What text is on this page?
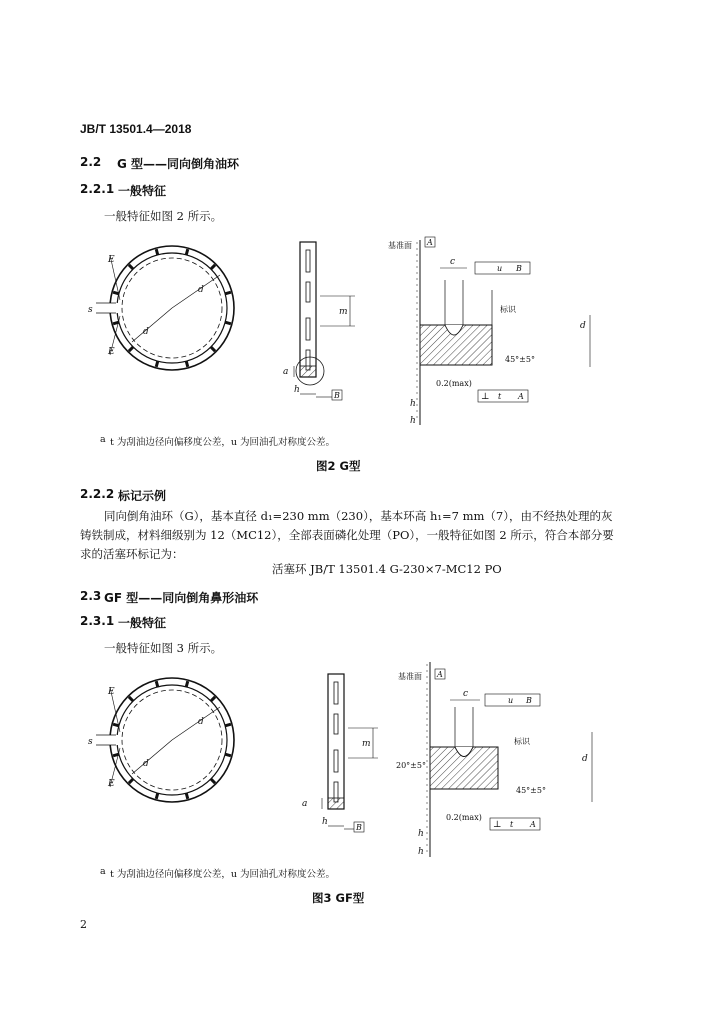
JB/T 13501.4—2018
2.2 G 型——同向倒角油环
2.2.1 一般特征
一般特征如图 2 所示。
E
E
s
d
d
m
a
h
B
基准面 A
c
u B
标识
45°±5°
d
0.2(max)
⊥ t A
h
h
a t 为刮油边径向偏移度公差，u 为回油孔对称度公差。
图2 G型
2.2.2 标记示例
同向倒角油环（G），基本直径 d₁=230 mm（230），基本环高 h₁=7 mm（7），由不经热处理的灰铸铁制成，材料细级别为 12（MC12），全部表面磷化处理（PO），一般特征如图 2 所示，符合本部分要求的活塞环标记为：
活塞环 JB/T 13501.4 G-230×7-MC12 PO
2.3 GF 型——同向倒角鼻形油环
2.3.1 一般特征
一般特征如图 3 所示。
E
E
s
d
d
m
a
h
B
基准面 A
c
u B
标识
20°±5°
45°±5°
d
0.2(max)
⊥ t A
h
h
a t 为刮油边径向偏移度公差，u 为回油孔对称度公差。
图3 GF型
2
